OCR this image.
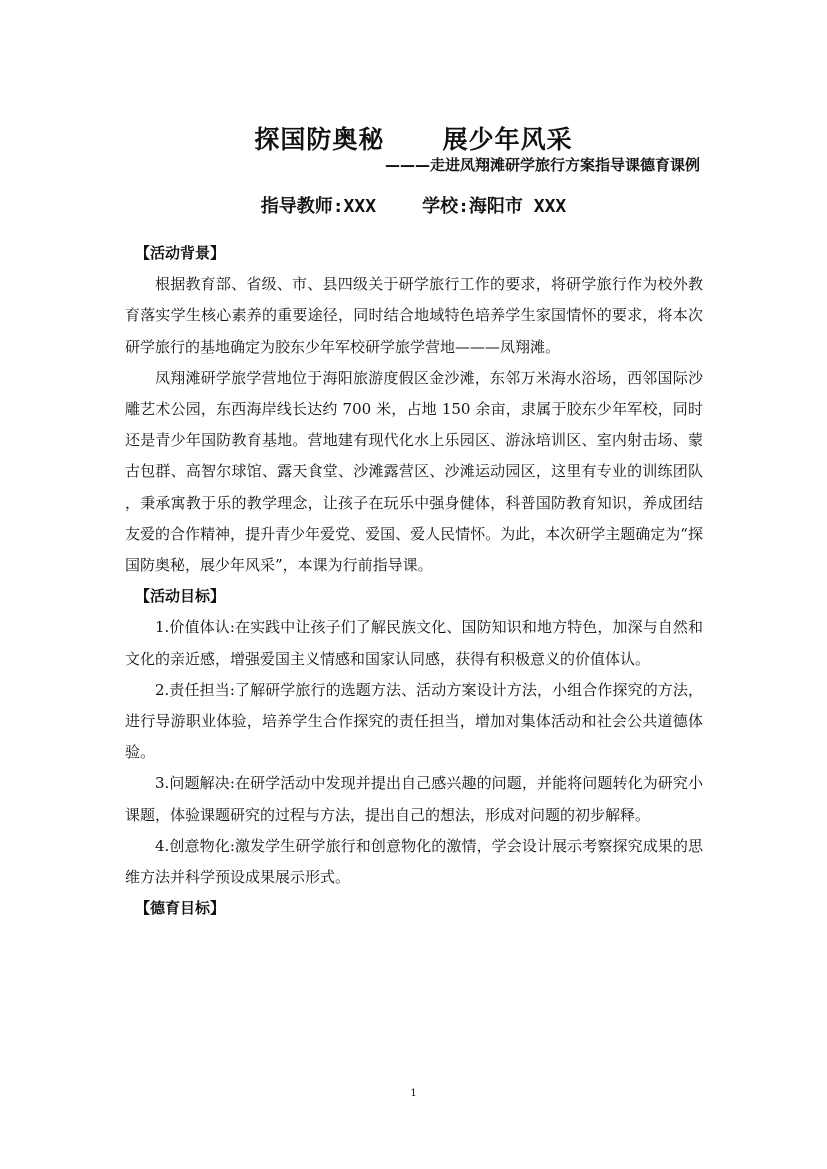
探国防奥秘      展少年风采
———走进凤翔滩研学旅行方案指导课德育课例
指导教师:XXX	学校:海阳市 XXX
【活动背景】

根据教育部、省级、市、县四级关于研学旅行工作的要求，将研学旅行作为校外教育落实学生核心素养的重要途径，同时结合地域特色培养学生家国情怀的要求，将本次研学旅行的基地确定为胶东少年军校研学旅学营地———凤翔滩。

凤翔滩研学旅学营地位于海阳旅游度假区金沙滩，东邻万米海水浴场，西邻国际沙雕艺术公园，东西海岸线长达约 700 米，占地 150 余亩，隶属于胶东少年军校，同时还是青少年国防教育基地。营地建有现代化水上乐园区、游泳培训区、室内射击场、蒙古包群、高智尔球馆、露天食堂、沙滩露营区、沙滩运动园区，这里有专业的训练团队，秉承寓教于乐的教学理念，让孩子在玩乐中强身健体，科普国防教育知识，养成团结友爱的合作精神，提升青少年爱党、爱国、爱人民情怀。为此，本次研学主题确定为“探国防奥秘，展少年风采”，本课为行前指导课。

【活动目标】

1.价值体认:在实践中让孩子们了解民族文化、国防知识和地方特色，加深与自然和文化的亲近感，增强爱国主义情感和国家认同感，获得有积极意义的价值体认。

2.责任担当:了解研学旅行的选题方法、活动方案设计方法，小组合作探究的方法，进行导游职业体验，培养学生合作探究的责任担当，增加对集体活动和社会公共道德体验。

3.问题解决:在研学活动中发现并提出自己感兴趣的问题，并能将问题转化为研究小课题，体验课题研究的过程与方法，提出自己的想法，形成对问题的初步解释。

4.创意物化:激发学生研学旅行和创意物化的激情，学会设计展示考察探究成果的思维方法并科学预设成果展示形式。

【德育目标】
1
